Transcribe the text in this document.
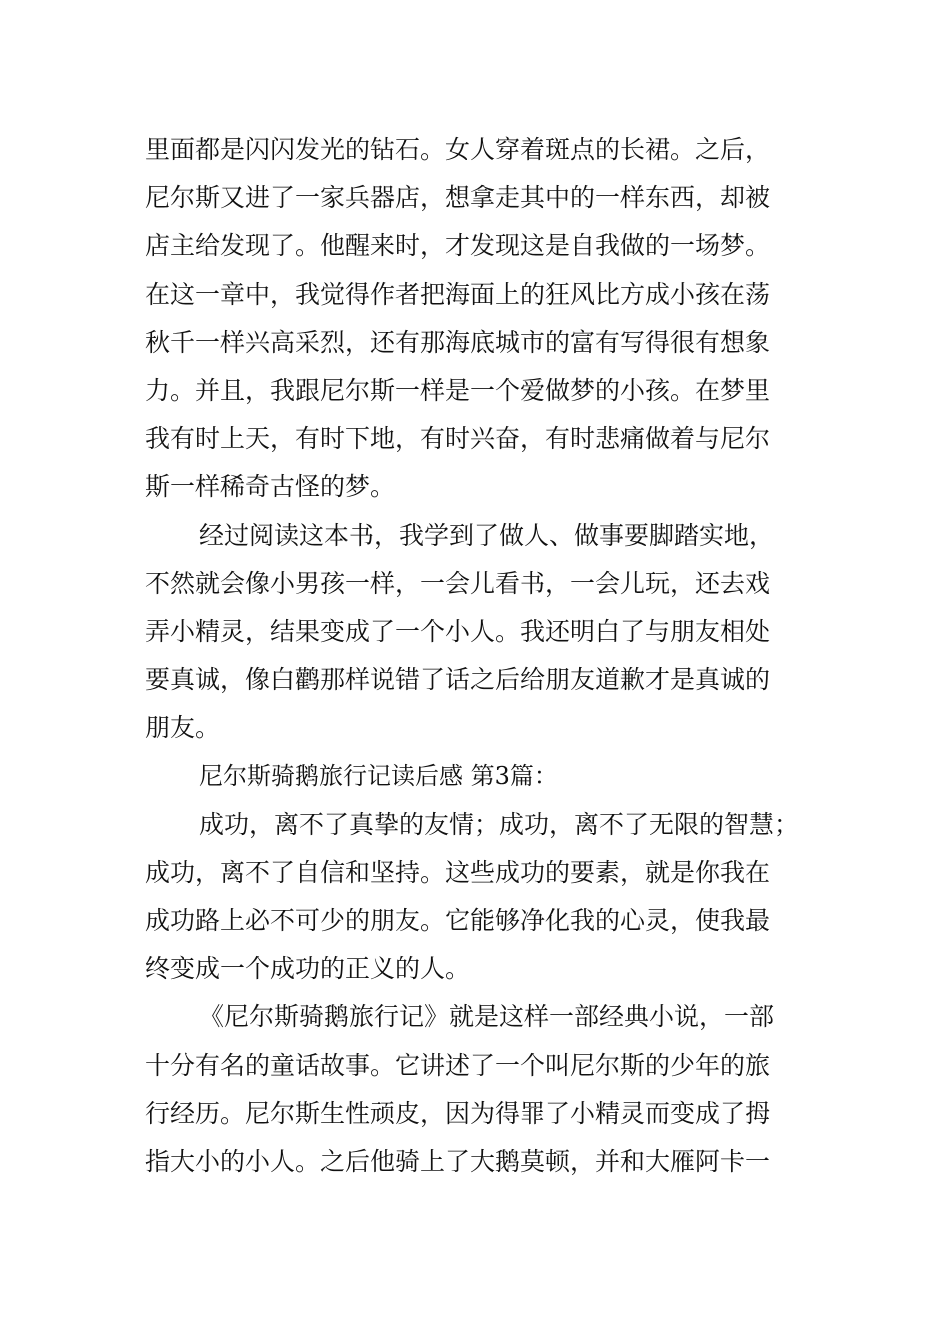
里面都是闪闪发光的钻石。女人穿着斑点的长裙。之后，
尼尔斯又进了一家兵器店，想拿走其中的一样东西，却被
店主给发现了。他醒来时，才发现这是自我做的一场梦。
在这一章中，我觉得作者把海面上的狂风比方成小孩在荡
秋千一样兴高采烈，还有那海底城市的富有写得很有想象
力。并且，我跟尼尔斯一样是一个爱做梦的小孩。在梦里
我有时上天，有时下地，有时兴奋，有时悲痛做着与尼尔
斯一样稀奇古怪的梦。
经过阅读这本书，我学到了做人、做事要脚踏实地，
不然就会像小男孩一样，一会儿看书，一会儿玩，还去戏
弄小精灵，结果变成了一个小人。我还明白了与朋友相处
要真诚，像白鹳那样说错了话之后给朋友道歉才是真诚的
朋友。
尼尔斯骑鹅旅行记读后感 第3篇：
成功，离不了真挚的友情；成功，离不了无限的智慧；
成功，离不了自信和坚持。这些成功的要素，就是你我在
成功路上必不可少的朋友。它能够净化我的心灵，使我最
终变成一个成功的正义的人。
《尼尔斯骑鹅旅行记》就是这样一部经典小说，一部
十分有名的童话故事。它讲述了一个叫尼尔斯的少年的旅
行经历。尼尔斯生性顽皮，因为得罪了小精灵而变成了拇
指大小的小人。之后他骑上了大鹅莫顿，并和大雁阿卡一
